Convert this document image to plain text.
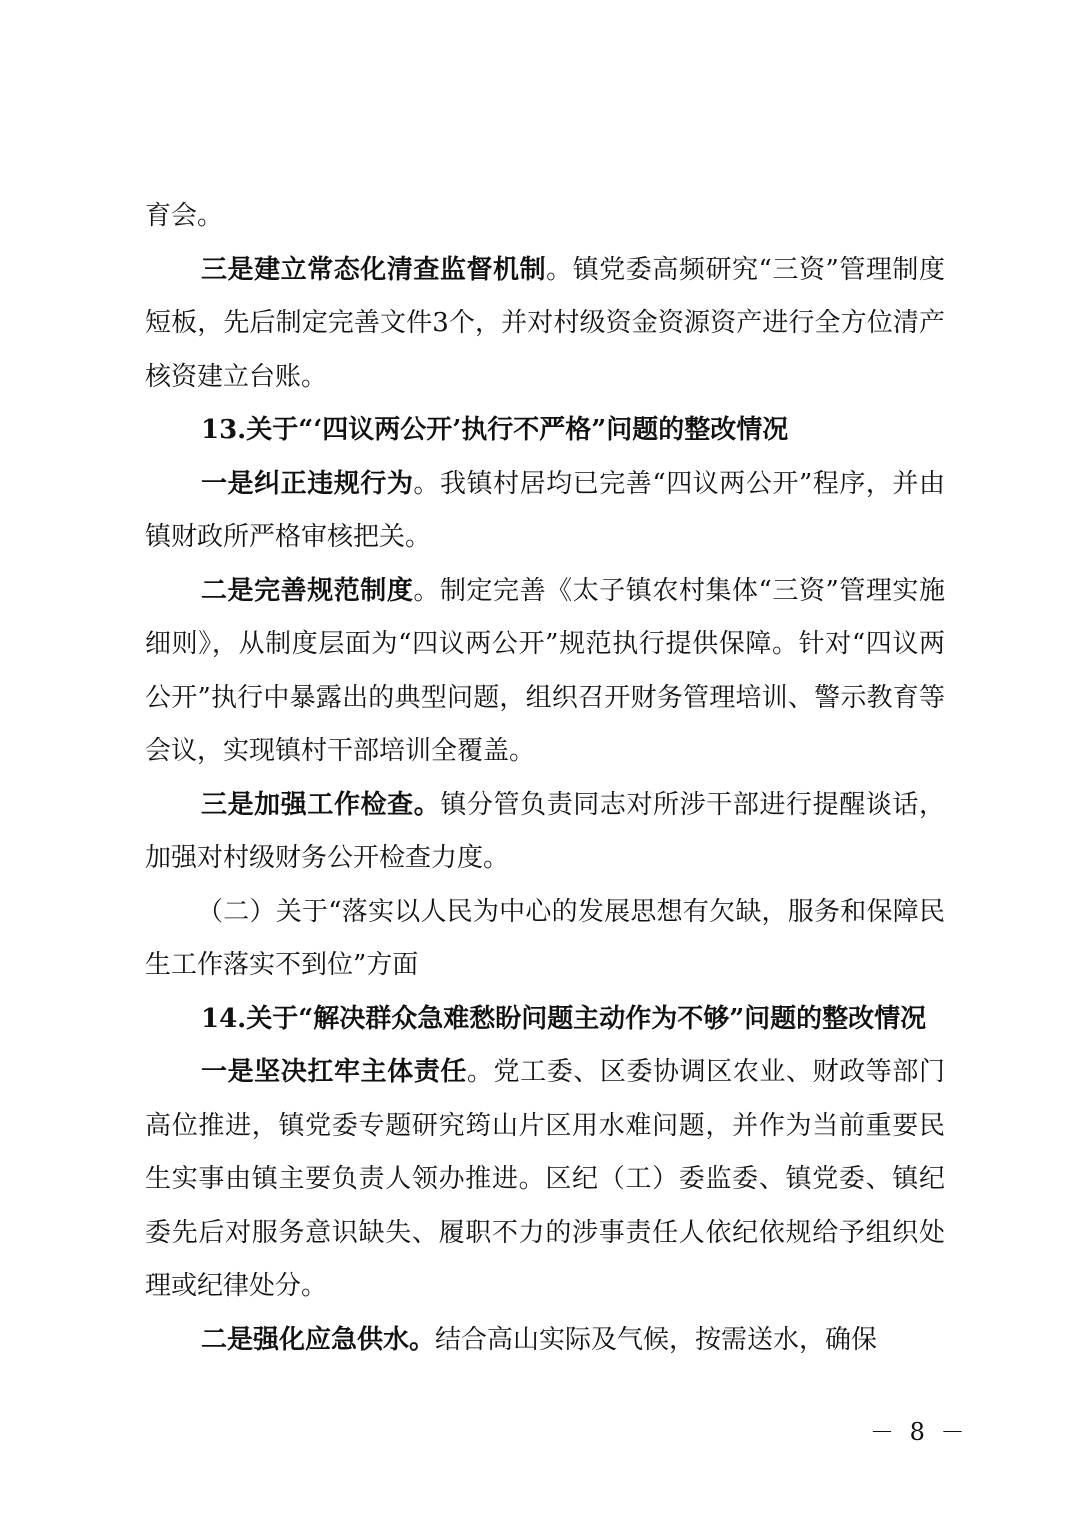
育会。

三是建立常态化清查监督机制。镇党委高频研究“三资”管理制度短板，先后制定完善文件3个，并对村级资金资源资产进行全方位清产核资建立台账。

13.关于“‘四议两公开’执行不严格”问题的整改情况

一是纠正违规行为。我镇村居均已完善“四议两公开”程序，并由镇财政所严格审核把关。

二是完善规范制度。制定完善《太子镇农村集体“三资”管理实施细则》，从制度层面为“四议两公开”规范执行提供保障。针对“四议两公开”执行中暴露出的典型问题，组织召开财务管理培训、警示教育等会议，实现镇村干部培训全覆盖。

三是加强工作检查。镇分管负责同志对所涉干部进行提醒谈话，加强对村级财务公开检查力度。

（二）关于“落实以人民为中心的发展思想有欠缺，服务和保障民生工作落实不到位”方面

14.关于“解决群众急难愁盼问题主动作为不够”问题的整改情况

一是坚决扛牢主体责任。党工委、区委协调区农业、财政等部门高位推进，镇党委专题研究筠山片区用水难问题，并作为当前重要民生实事由镇主要负责人领办推进。区纪（工）委监委、镇党委、镇纪委先后对服务意识缺失、履职不力的涉事责任人依纪依规给予组织处理或纪律处分。

二是强化应急供水。结合高山实际及气候，按需送水，确保

－ 8 －
